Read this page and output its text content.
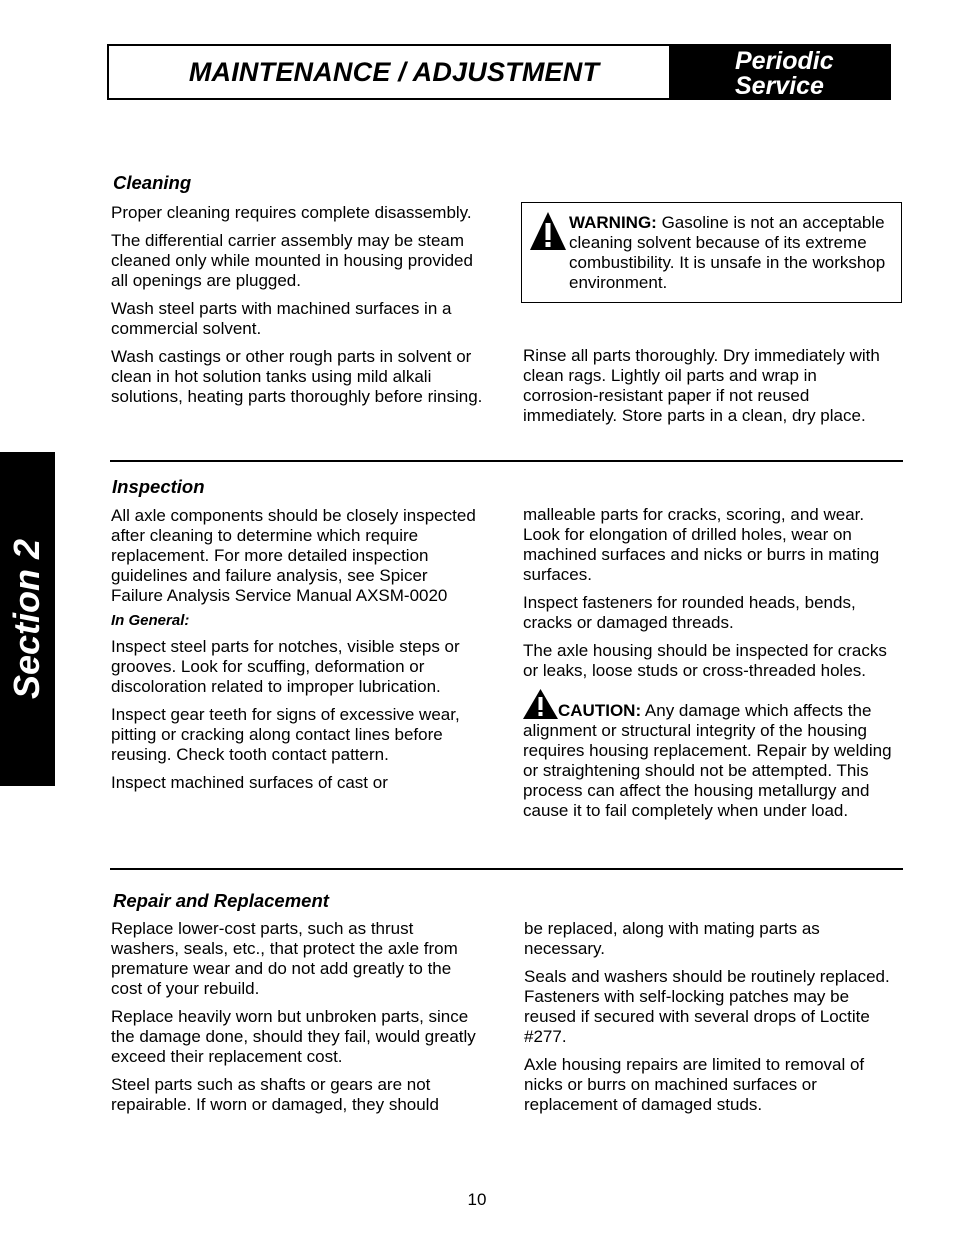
MAINTENANCE / ADJUSTMENT	Periodic
Service
Section 2
Cleaning

Proper cleaning requires complete disassembly.

The differential carrier assembly may be steam cleaned only while mounted in housing provided all openings are plugged.

Wash steel parts with machined surfaces in a commercial solvent.

Wash castings or other rough parts in solvent or clean in hot solution tanks using mild alkali solutions, heating parts thoroughly before rinsing.

WARNING: Gasoline is not an acceptable cleaning solvent because of its extreme combustibility. It is unsafe in the workshop environment.

Rinse all parts thoroughly. Dry immediately with clean rags. Lightly oil parts and wrap in corrosion-resistant paper if not reused immediately. Store parts in a clean, dry place.

Inspection

All axle components should be closely inspected after cleaning to determine which require replacement. For more detailed inspection guidelines and failure analysis, see Spicer Failure Analysis Service Manual AXSM-0020

In General:

Inspect steel parts for notches, visible steps or grooves. Look for scuffing, deformation or discoloration related to improper lubrication.

Inspect gear teeth for signs of excessive wear, pitting or cracking along contact lines before reusing. Check tooth contact pattern.

Inspect machined surfaces of cast or

malleable parts for cracks, scoring, and wear. Look for elongation of drilled holes, wear on machined surfaces and nicks or burrs in mating surfaces.

Inspect fasteners for rounded heads, bends, cracks or damaged threads.

The axle housing should be inspected for cracks or leaks, loose studs or cross-threaded holes.

CAUTION: Any damage which affects the alignment or structural integrity of the housing requires housing replacement. Repair by welding or straightening should not be attempted. This process can affect the housing metallurgy and cause it to fail completely when under load.

Repair and Replacement

Replace lower-cost parts, such as thrust washers, seals, etc., that protect the axle from premature wear and do not add greatly to the cost of your rebuild.

Replace heavily worn but unbroken parts, since the damage done, should they fail, would greatly exceed their replacement cost.

Steel parts such as shafts or gears are not repairable. If worn or damaged, they should

be replaced, along with mating parts as necessary.

Seals and washers should be routinely replaced. Fasteners with self-locking patches may be reused if secured with several drops of Loctite #277.

Axle housing repairs are limited to removal of nicks or burrs on machined surfaces or replacement of damaged studs.

10
